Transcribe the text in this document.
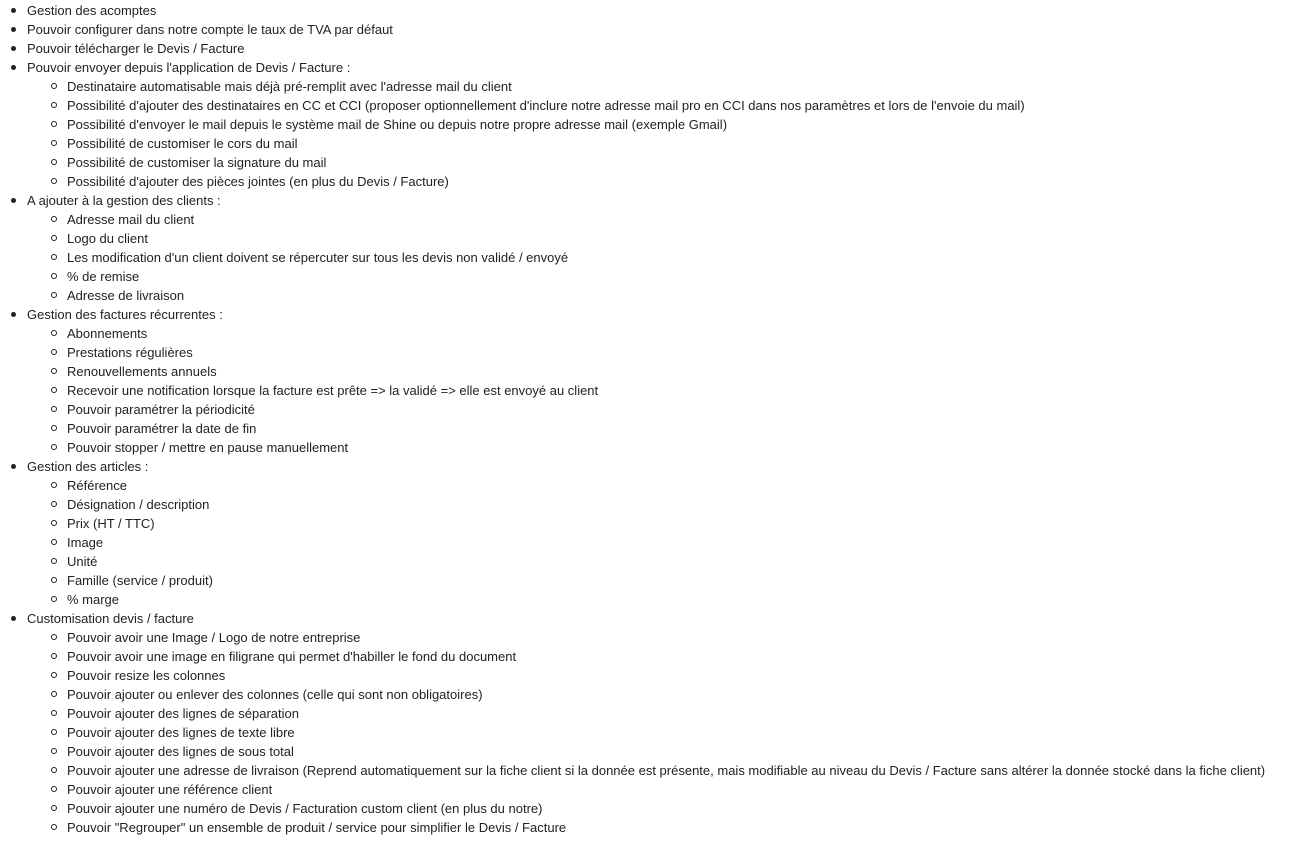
Gestion des acomptes
Pouvoir configurer dans notre compte le taux de TVA par défaut
Pouvoir télécharger le Devis / Facture
Pouvoir envoyer depuis l'application de Devis / Facture :
Destinataire automatisable mais déjà pré-remplit avec l'adresse mail du client
Possibilité d'ajouter des destinataires en CC et CCI (proposer optionnellement d'inclure notre adresse mail pro en CCI dans nos paramètres et lors de l'envoie du mail)
Possibilité d'envoyer le mail depuis le système mail de Shine ou depuis notre propre adresse mail (exemple Gmail)
Possibilité de customiser le cors du mail
Possibilité de customiser la signature du mail
Possibilité d'ajouter des pièces jointes (en plus du Devis / Facture)
A ajouter à la gestion des clients :
Adresse mail du client
Logo du client
Les modification d'un client doivent se répercuter sur tous les devis non validé / envoyé
% de remise
Adresse de livraison
Gestion des factures récurrentes :
Abonnements
Prestations régulières
Renouvellements annuels
Recevoir une notification lorsque la facture est prête => la validé => elle est envoyé au client
Pouvoir paramétrer la périodicité
Pouvoir paramétrer la date de fin
Pouvoir stopper / mettre en pause manuellement
Gestion des articles :
Référence
Désignation / description
Prix (HT / TTC)
Image
Unité
Famille (service / produit)
% marge
Customisation devis / facture
Pouvoir avoir une Image / Logo de notre entreprise
Pouvoir avoir une image en filigrane qui permet d'habiller le fond du document
Pouvoir resize les colonnes
Pouvoir ajouter ou enlever des colonnes (celle qui sont non obligatoires)
Pouvoir ajouter des lignes de séparation
Pouvoir ajouter des lignes de texte libre
Pouvoir ajouter des lignes de sous total
Pouvoir ajouter une adresse de livraison (Reprend automatiquement sur la fiche client si la donnée est présente, mais modifiable au niveau du Devis / Facture sans altérer la donnée stocké dans la fiche client)
Pouvoir ajouter une référence client
Pouvoir ajouter une numéro de Devis / Facturation custom client (en plus du notre)
Pouvoir "Regrouper" un ensemble de produit / service pour simplifier le Devis / Facture
